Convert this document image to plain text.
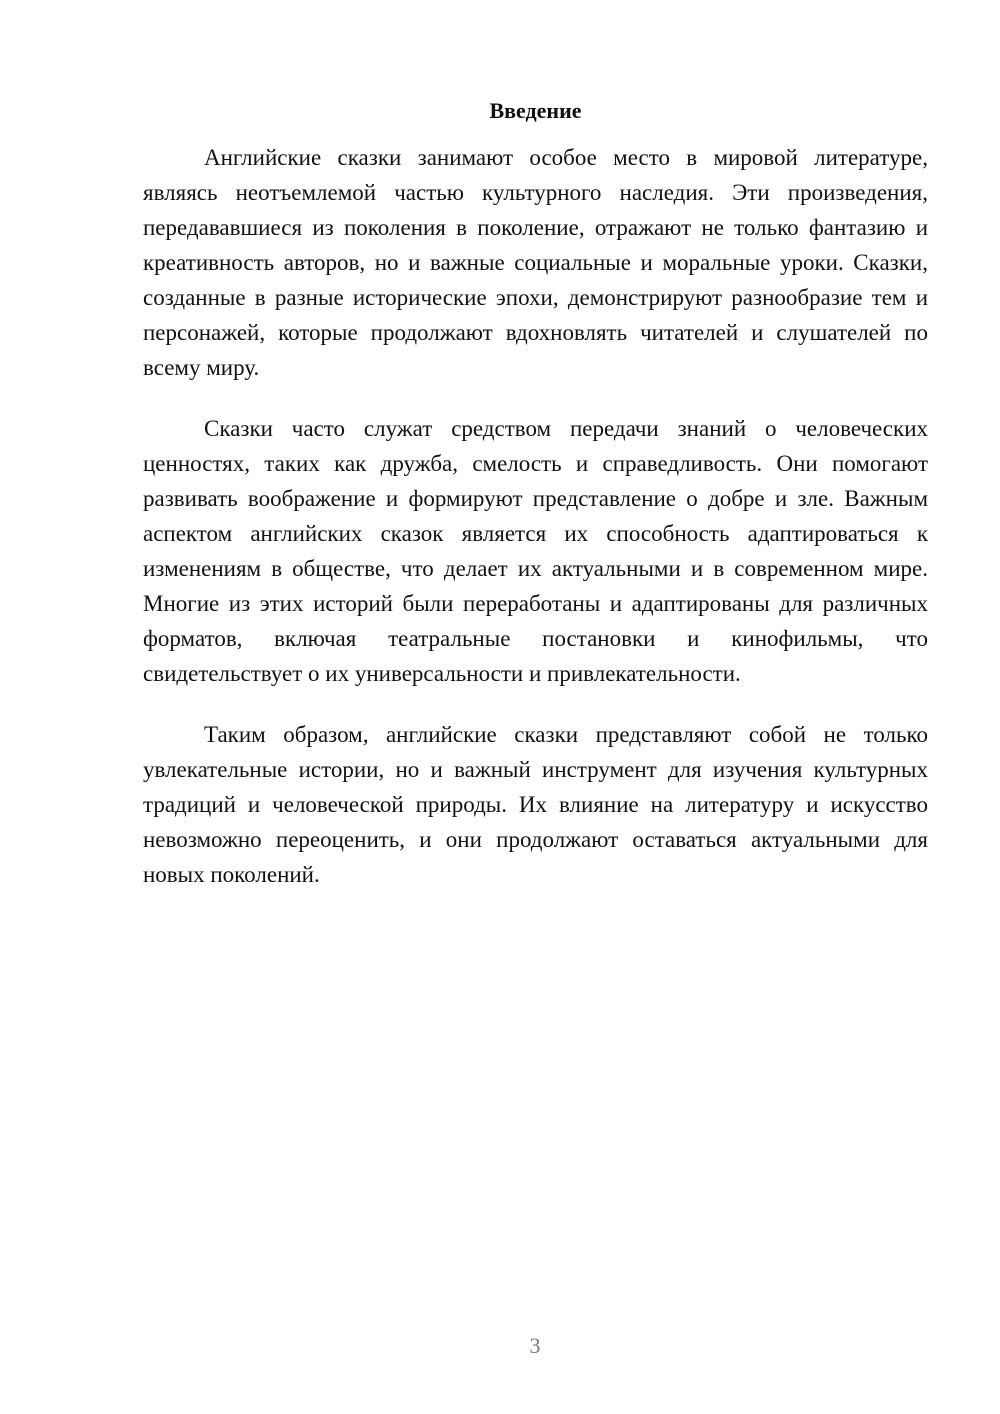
Введение

Английские сказки занимают особое место в мировой литературе, являясь неотъемлемой частью культурного наследия. Эти произведения, передававшиеся из поколения в поколение, отражают не только фантазию и креативность авторов, но и важные социальные и моральные уроки. Сказки, созданные в разные исторические эпохи, демонстрируют разнообразие тем и персонажей, которые продолжают вдохновлять читателей и слушателей по всему миру.

Сказки часто служат средством передачи знаний о человеческих ценностях, таких как дружба, смелость и справедливость. Они помогают развивать воображение и формируют представление о добре и зле. Важным аспектом английских сказок является их способность адаптироваться к изменениям в обществе, что делает их актуальными и в современном мире. Многие из этих историй были переработаны и адаптированы для различных форматов, включая театральные постановки и кинофильмы, что свидетельствует о их универсальности и привлекательности.

Таким образом, английские сказки представляют собой не только увлекательные истории, но и важный инструмент для изучения культурных традиций и человеческой природы. Их влияние на литературу и искусство невозможно переоценить, и они продолжают оставаться актуальными для новых поколений.

3
